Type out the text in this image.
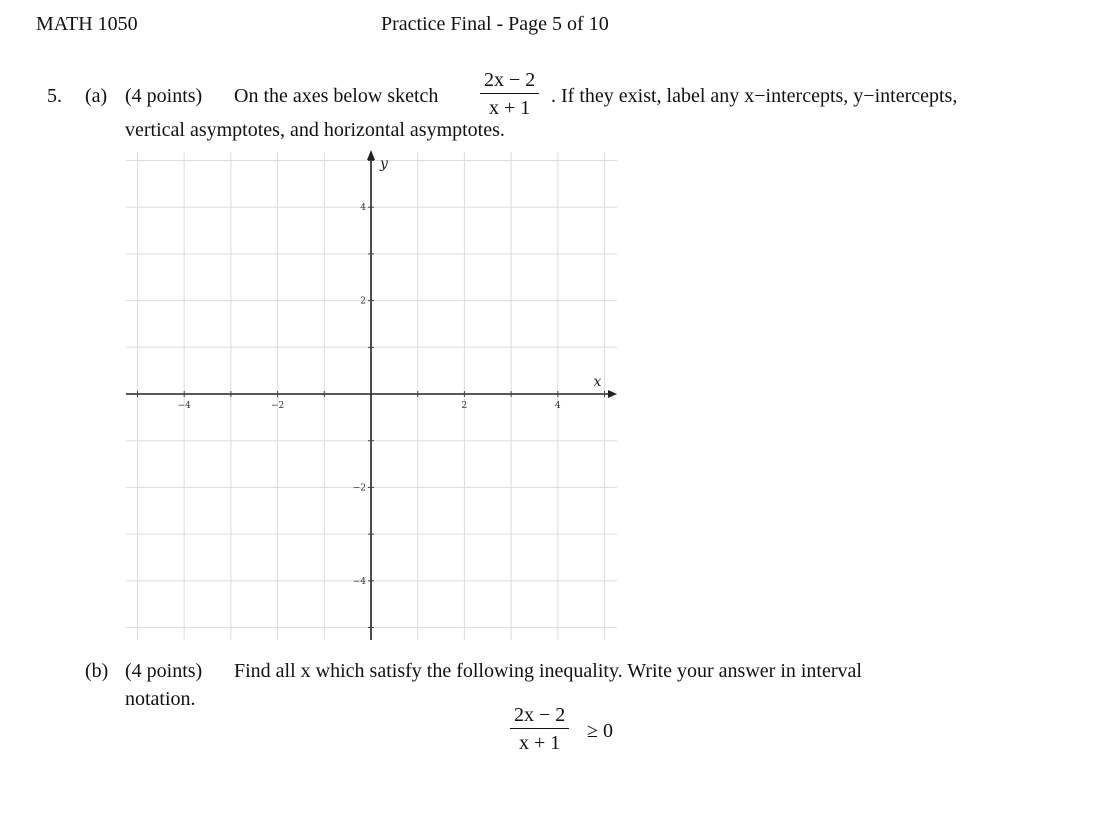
MATH 1050	Practice Final - Page 5 of 10
5. (a) (4 points) On the axes below sketch $\frac{2x - 2}{x + 1}$ . If they exist, label any x−intercepts, y−intercepts,
vertical asymptotes, and horizontal asymptotes.
−4	−2	2	4
4
2
−2
−4
x
y
(b) (4 points) Find all x which satisfy the following inequality. Write your answer in interval
notation.
$\frac{2x - 2}{x + 1} \ge 0$
